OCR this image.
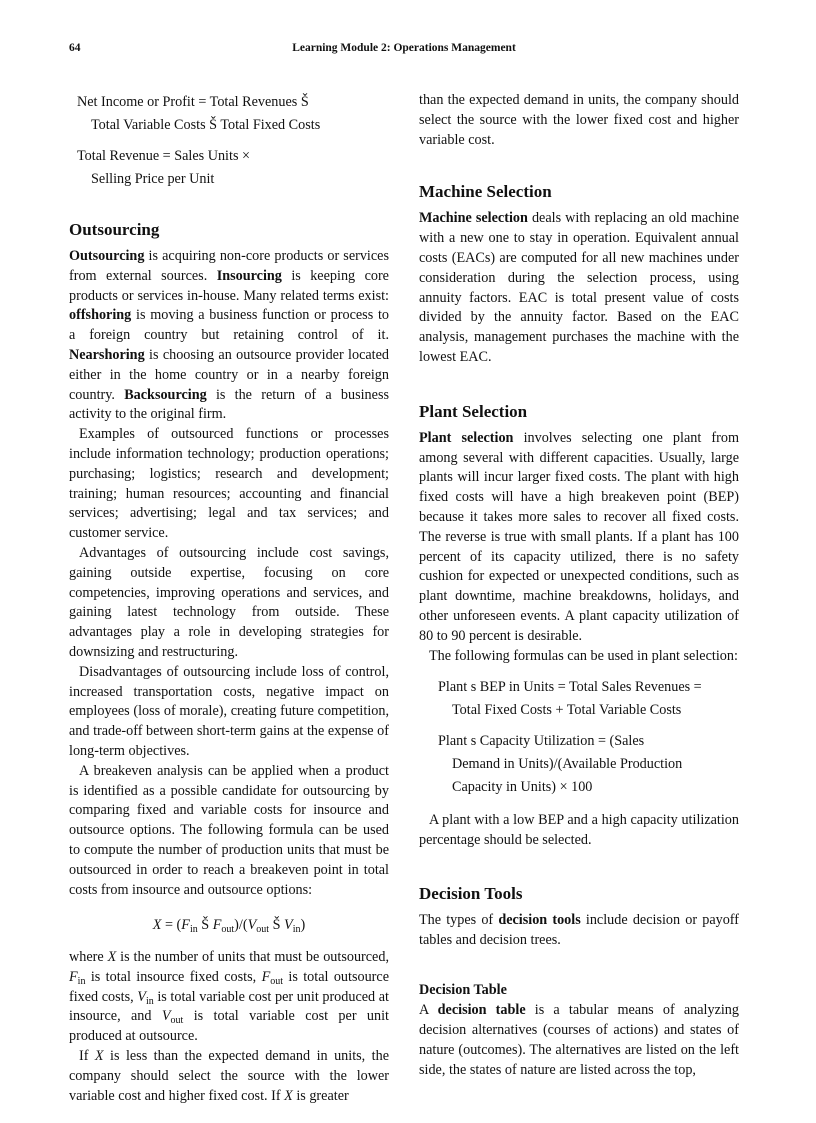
64	Learning Module 2: Operations Management
Net Income or Profit = Total Revenues Š
Total Variable Costs Š Total Fixed Costs
Total Revenue = Sales Units ×
Selling Price per Unit
Outsourcing

Outsourcing is acquiring non-core products or services from external sources. Insourcing is keeping core products or services in-house. Many related terms exist: offshoring is moving a business function or process to a foreign country but retaining control of it. Nearshoring is choosing an outsource provider located either in the home country or in a nearby foreign country. Backsourcing is the return of a business activity to the original firm.

Examples of outsourced functions or processes include information technology; production operations; purchasing; logistics; research and development; training; human resources; accounting and financial services; advertising; legal and tax services; and customer service.

Advantages of outsourcing include cost savings, gaining outside expertise, focusing on core competencies, improving operations and services, and gaining latest technology from outside. These advantages play a role in developing strategies for downsizing and restructuring.

Disadvantages of outsourcing include loss of control, increased transportation costs, negative impact on employees (loss of morale), creating future competition, and trade-off between short-term gains at the expense of long-term objectives.

A breakeven analysis can be applied when a product is identified as a possible candidate for outsourcing by comparing fixed and variable costs for insource and outsource options. The following formula can be used to compute the number of production units that must be outsourced in order to reach a breakeven point in total costs from insource and outsource options:

$X = (F_{in}$ Š $F_{out})/(V_{out}$ Š $V_{in}$)

where X is the number of units that must be outsourced, $F_{in}$ is total insource fixed costs, $F_{out}$ is total outsource fixed costs, $V_{in}$ is total variable cost per unit produced at insource, and $V_{out}$ is total variable cost per unit produced at outsource.

If X is less than the expected demand in units, the company should select the source with the lower variable cost and higher fixed cost. If X is greater

than the expected demand in units, the company should select the source with the lower fixed cost and higher variable cost.

Machine Selection

Machine selection deals with replacing an old machine with a new one to stay in operation. Equivalent annual costs (EACs) are computed for all new machines under consideration during the selection process, using annuity factors. EAC is total present value of costs divided by the annuity factor. Based on the EAC analysis, management purchases the machine with the lowest EAC.

Plant Selection

Plant selection involves selecting one plant from among several with different capacities. Usually, large plants will incur larger fixed costs. The plant with high fixed costs will have a high breakeven point (BEP) because it takes more sales to recover all fixed costs. The reverse is true with small plants. If a plant has 100 percent of its capacity utilized, there is no safety cushion for expected or unexpected conditions, such as plant downtime, machine breakdowns, holidays, and other unforeseen events. A plant capacity utilization of 80 to 90 percent is desirable.

The following formulas can be used in plant selection:

Plant s BEP in Units = Total Sales Revenues =
Total Fixed Costs + Total Variable Costs
Plant s Capacity Utilization = (Sales
Demand in Units)/(Available Production
Capacity in Units) × 100

A plant with a low BEP and a high capacity utilization percentage should be selected.

Decision Tools

The types of decision tools include decision or payoff tables and decision trees.

Decision Table

A decision table is a tabular means of analyzing decision alternatives (courses of actions) and states of nature (outcomes). The alternatives are listed on the left side, the states of nature are listed across the top,
